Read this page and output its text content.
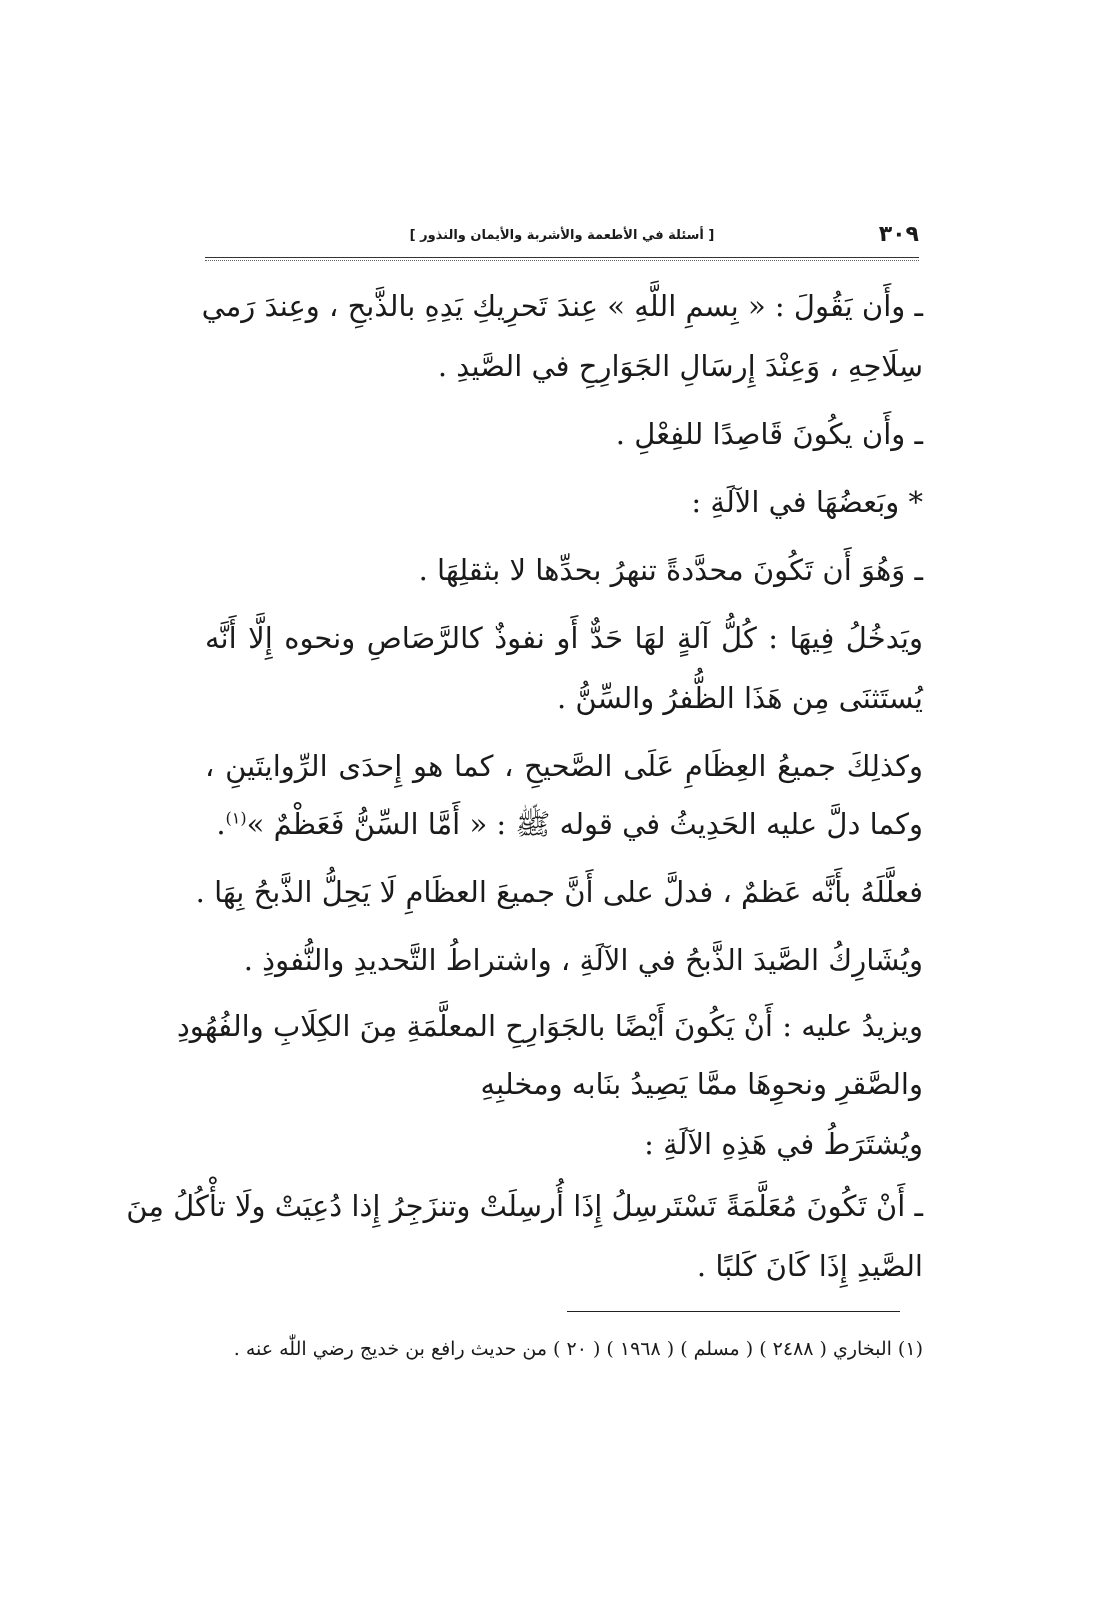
٣٠٩
[ أسئلة في الأطعمة والأشربة والأيمان والنذور ]
ـ وأَن يَقُولَ : « بِسمِ اللَّهِ » عِندَ تَحرِيكِ يَدِهِ بالذَّبحِ ، وعِندَ رَمي
سِلَاحِهِ ، وَعِنْدَ إِرسَالِ الجَوَارِحِ في الصَّيدِ .
ـ وأَن يكُونَ قَاصِدًا للفِعْلِ .
* وبَعضُهَا في الآلَةِ :
ـ وَهُوَ أَن تَكُونَ محدَّدةً تنهرُ بحدِّها لا بثقلِهَا .
ويَدخُلُ فِيهَا : كُلُّ آلةٍ لهَا حَدٌّ أَو نفوذٌ كالرَّصَاصِ ونحوه إِلَّا أَنَّه
يُستَثنَى مِن هَذَا الظُّفرُ والسِّنُّ .
وكذلِكَ جميعُ العِظَامِ عَلَى الصَّحيحِ ، كما هو إِحدَى الرِّوايتَينِ ،
وكما دلَّ عليه الحَدِيثُ في قوله ﷺ : « أَمَّا السِّنُّ فَعَظْمٌ »$^{(١)}$.
فعلَّلَهُ بأَنَّه عَظمٌ ، فدلَّ على أَنَّ جميعَ العظَامِ لَا يَحِلُّ الذَّبحُ بِهَا .
ويُشَارِكُ الصَّيدَ الذَّبحُ في الآلَةِ ، واشتراطُ التَّحديدِ والنُّفوذِ .
ويزيدُ عليه : أَنْ يَكُونَ أَيْضًا بالجَوَارِحِ المعلَّمَةِ مِنَ الكِلَابِ والفُهُودِ
والصَّقرِ ونحوِهَا ممَّا يَصِيدُ بنَابه ومخلبِهِ
ويُشتَرَطُ في هَذِهِ الآلَةِ :
ـ أَنْ تَكُونَ مُعَلَّمَةً تَسْتَرسِلُ إِذَا أُرسِلَتْ وتنزَجِرُ إِذا دُعِيَتْ ولَا تأْكُلُ مِنَ
الصَّيدِ إِذَا كَانَ كَلبًا .
(١) البخاري ( ٢٤٨٨ ) ( مسلم ) ( ١٩٦٨ ) ( ٢٠ ) من حديث رافع بن خديج رضي اللّٰه عنه .
